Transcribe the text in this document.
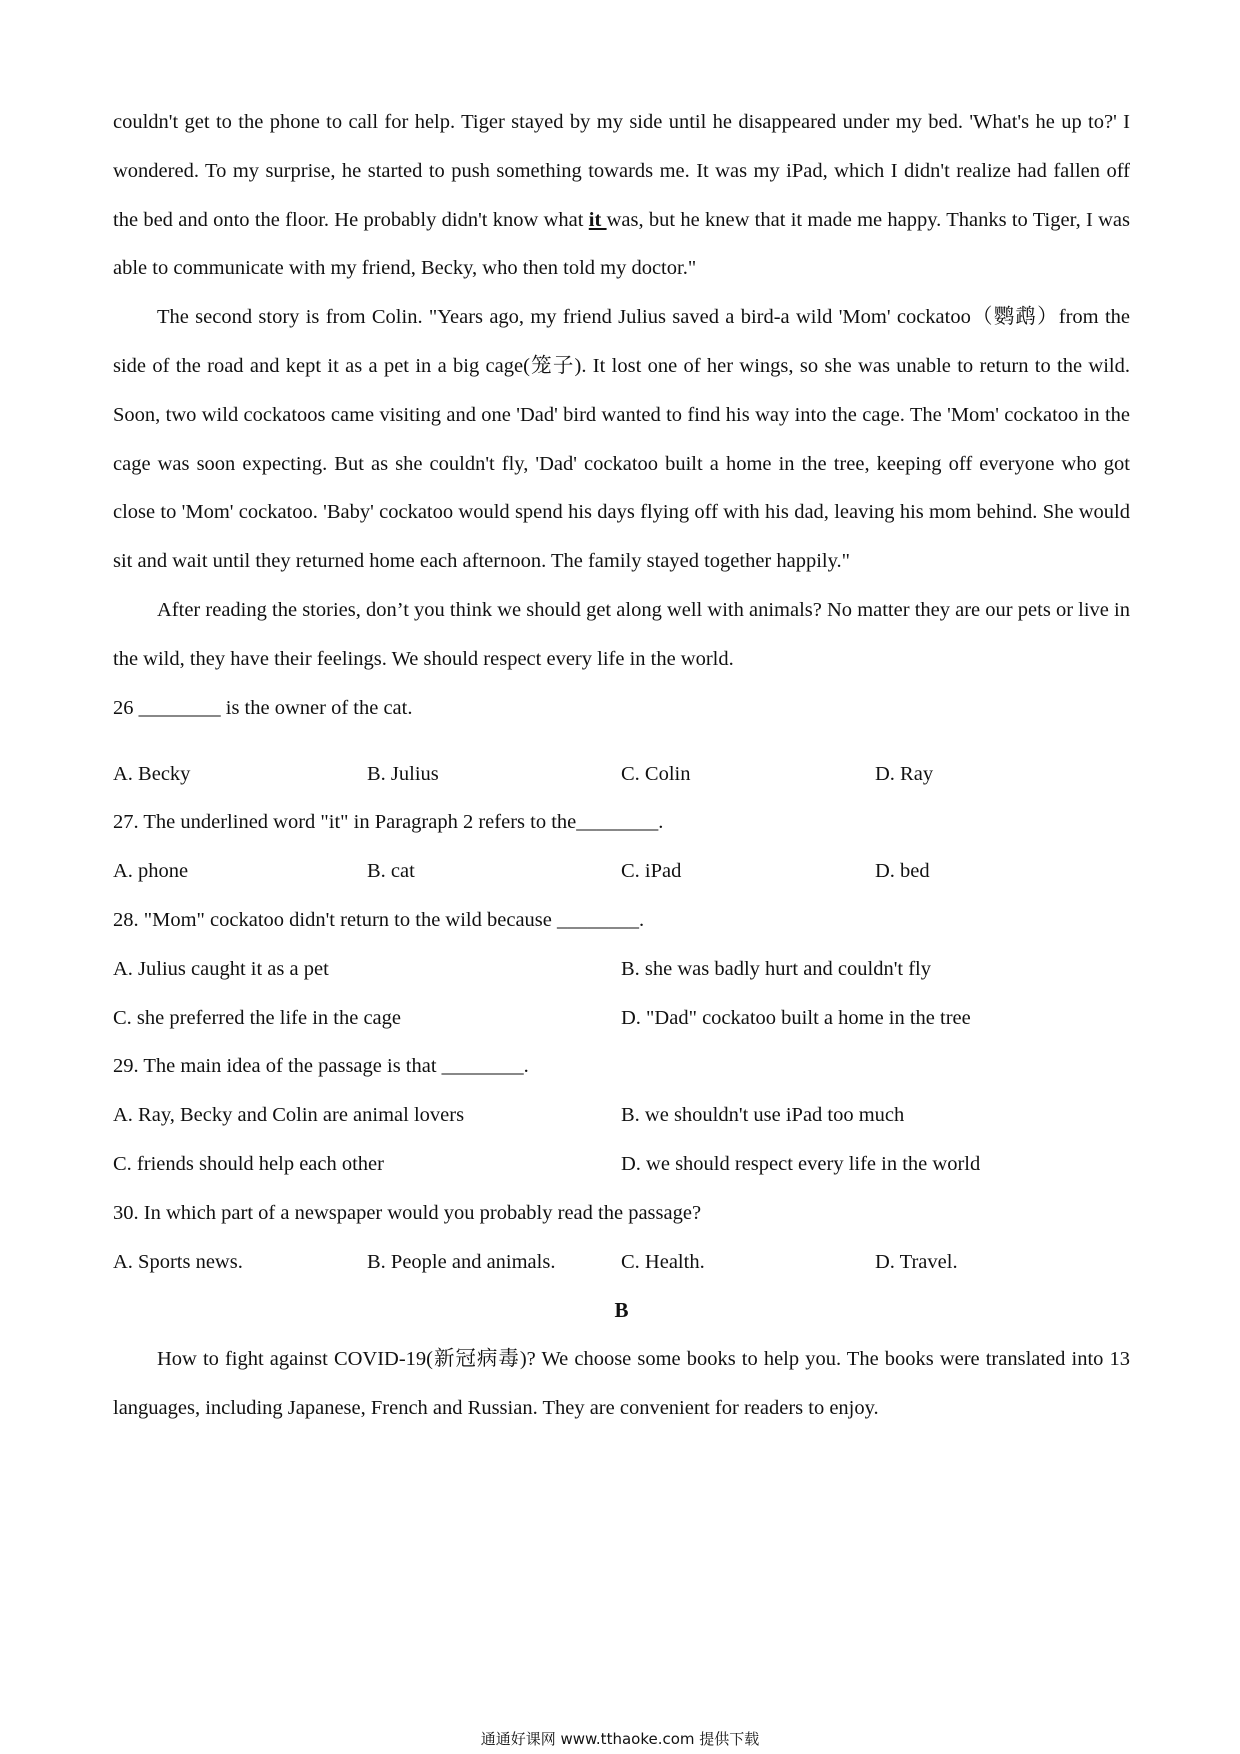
couldn't get to the phone to call for help. Tiger stayed by my side until he disappeared under my bed. 'What's he up to?' I wondered. To my surprise, he started to push something towards me. It was my iPad, which I didn't realize had fallen off the bed and onto the floor. He probably didn't know what it was, but he knew that it made me happy. Thanks to Tiger, I was able to communicate with my friend, Becky, who then told my doctor."

The second story is from Colin. "Years ago, my friend Julius saved a bird-a wild 'Mom' cockatoo（鹦鹉）from the side of the road and kept it as a pet in a big cage(笼子). It lost one of her wings, so she was unable to return to the wild. Soon, two wild cockatoos came visiting and one 'Dad' bird wanted to find his way into the cage. The 'Mom' cockatoo in the cage was soon expecting. But as she couldn't fly, 'Dad' cockatoo built a home in the tree, keeping off everyone who got close to 'Mom' cockatoo. 'Baby' cockatoo would spend his days flying off with his dad, leaving his mom behind. She would sit and wait until they returned home each afternoon. The family stayed together happily."

After reading the stories, don’t you think we should get along well with animals? No matter they are our pets or live in the wild, they have their feelings. We should respect every life in the world.

26 ________ is the owner of the cat.
A. Becky	B. Julius	C. Colin	D. Ray
27. The underlined word "it" in Paragraph 2 refers to the________.
A. phone	B. cat	C. iPad	D. bed
28. "Mom" cockatoo didn't return to the wild because ________.
A. Julius caught it as a pet	B. she was badly hurt and couldn't fly
C. she preferred the life in the cage	D. "Dad" cockatoo built a home in the tree
29. The main idea of the passage is that ________.
A. Ray, Becky and Colin are animal lovers	B. we shouldn't use iPad too much
C. friends should help each other	D. we should respect every life in the world
30. In which part of a newspaper would you probably read the passage?
A. Sports news.	B. People and animals.	C. Health.	D. Travel.
B

How to fight against COVID-19(新冠病毒)? We choose some books to help you. The books were translated into 13 languages, including Japanese, French and Russian. They are convenient for readers to enjoy.

通通好课网 www.tthaoke.com 提供下载
